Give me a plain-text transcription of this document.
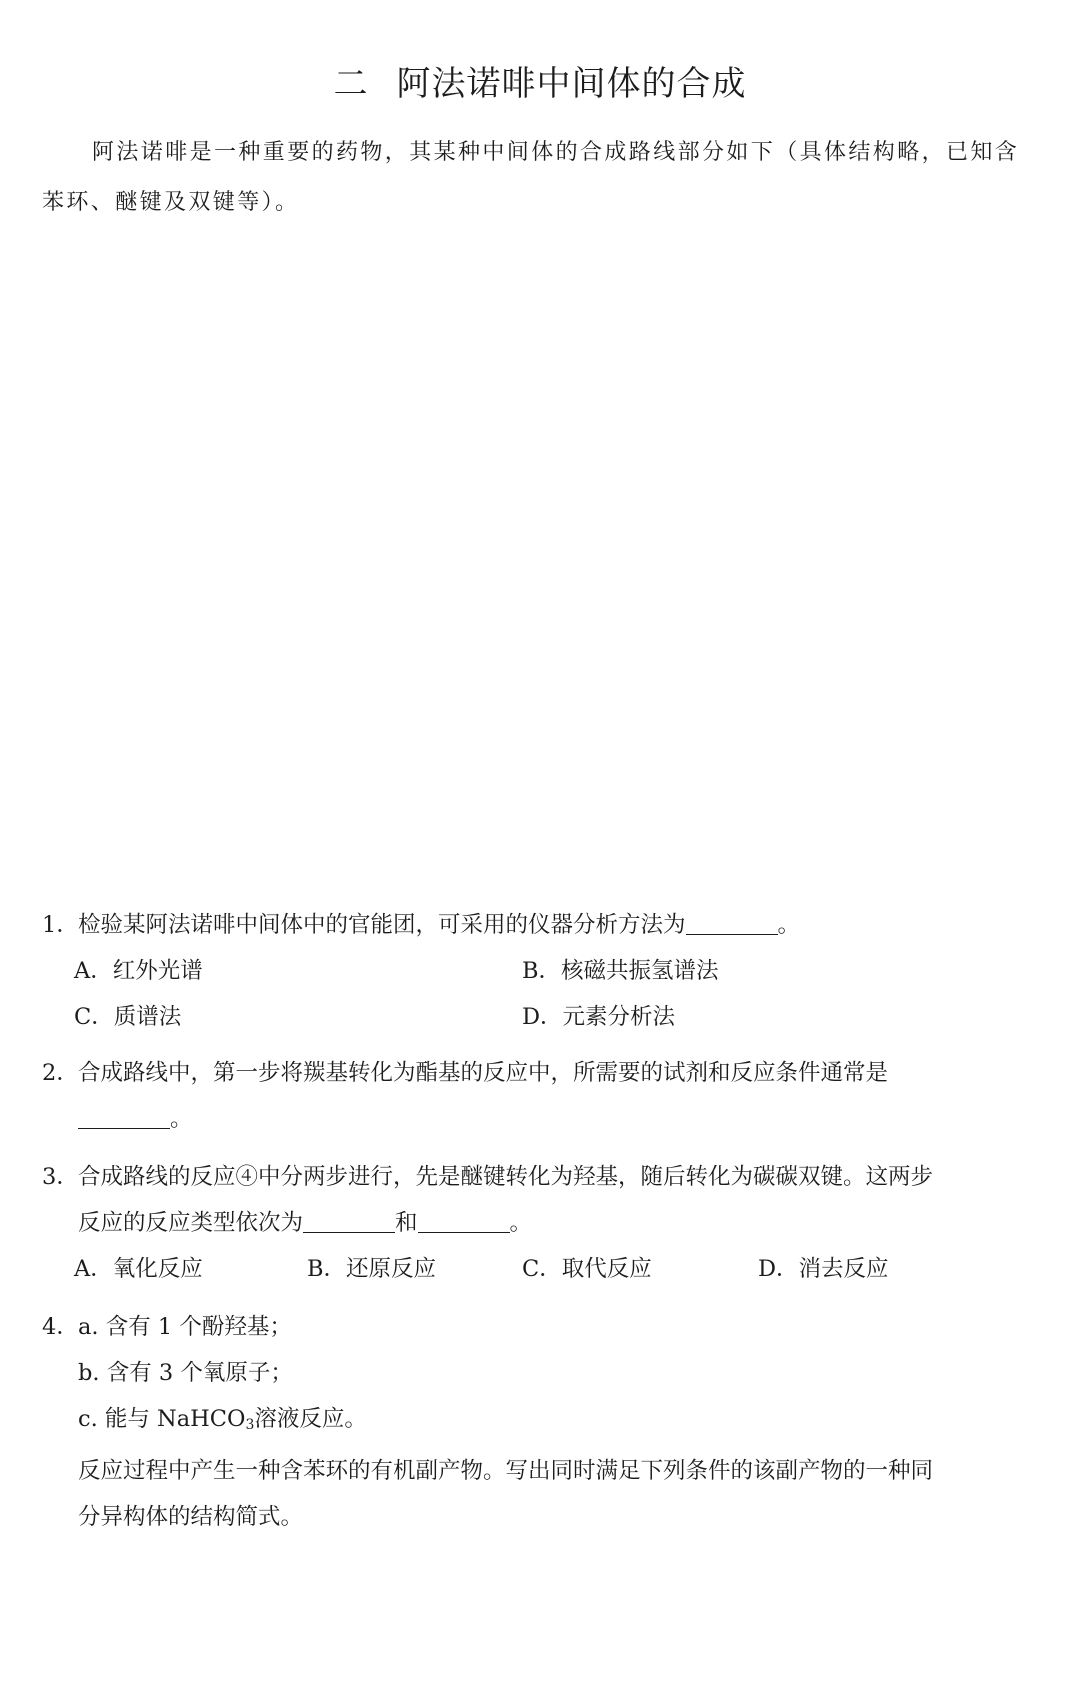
二 阿法诺啡中间体的合成
阿法诺啡是一种重要的药物，其某种中间体的合成路线部分如下（具体结构略，已知含苯环、醚键及双键等）。
1．检验某阿法诺啡中间体中的官能团，可采用的仪器分析方法为	。
A．红外光谱	B．核磁共振氢谱法
C．质谱法	D．元素分析法
2．合成路线中，第一步将羰基转化为酯基的反应中，所需要的试剂和反应条件通常是
。
3．合成路线的反应④中分两步进行，先是醚键转化为羟基，随后转化为碳碳双键。这两步
反应的反应类型依次为	和	。
A．氧化反应	B．还原反应	C．取代反应	D．消去反应
4．a. 含有 1 个酚羟基；
b. 含有 3 个氧原子；
c. 能与 NaHCO$_3$溶液反应。
反应过程中产生一种含苯环的有机副产物。写出同时满足下列条件的该副产物的一种同
分异构体的结构简式。
